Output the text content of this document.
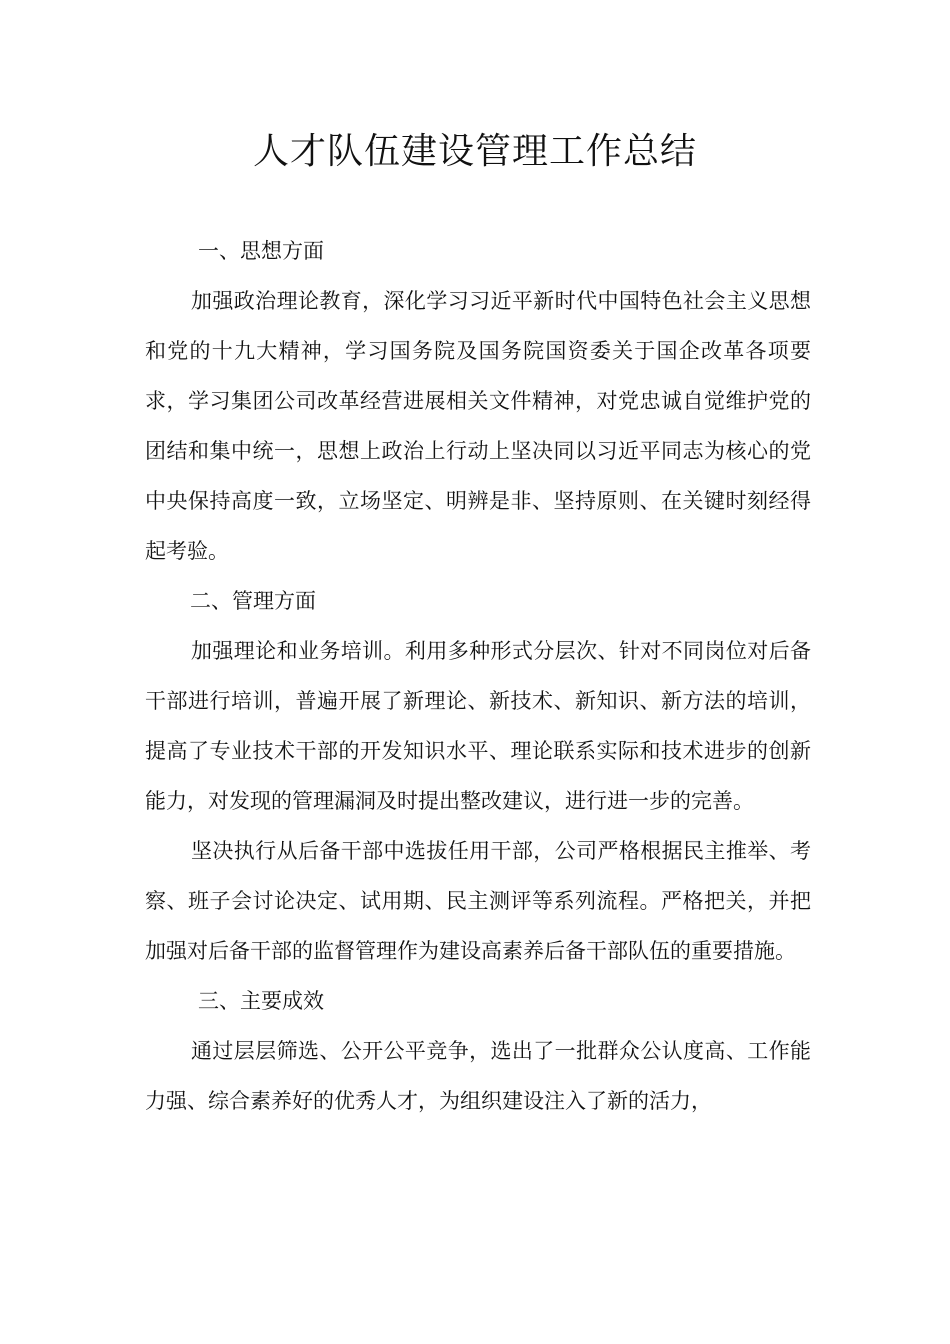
人才队伍建设管理工作总结
一、思想方面

加强政治理论教育，深化学习习近平新时代中国特色社会主义思想和党的十九大精神，学习国务院及国务院国资委关于国企改革各项要求，学习集团公司改革经营进展相关文件精神，对党忠诚自觉维护党的团结和集中统一，思想上政治上行动上坚决同以习近平同志为核心的党中央保持高度一致，立场坚定、明辨是非、坚持原则、在关键时刻经得起考验。

二、管理方面

加强理论和业务培训。利用多种形式分层次、针对不同岗位对后备干部进行培训，普遍开展了新理论、新技术、新知识、新方法的培训，提高了专业技术干部的开发知识水平、理论联系实际和技术进步的创新能力，对发现的管理漏洞及时提出整改建议，进行进一步的完善。

坚决执行从后备干部中选拔任用干部，公司严格根据民主推举、考察、班子会讨论决定、试用期、民主测评等系列流程。严格把关，并把加强对后备干部的监督管理作为建设高素养后备干部队伍的重要措施。

三、主要成效

通过层层筛选、公开公平竞争，选出了一批群众公认度高、工作能力强、综合素养好的优秀人才，为组织建设注入了新的活力，
